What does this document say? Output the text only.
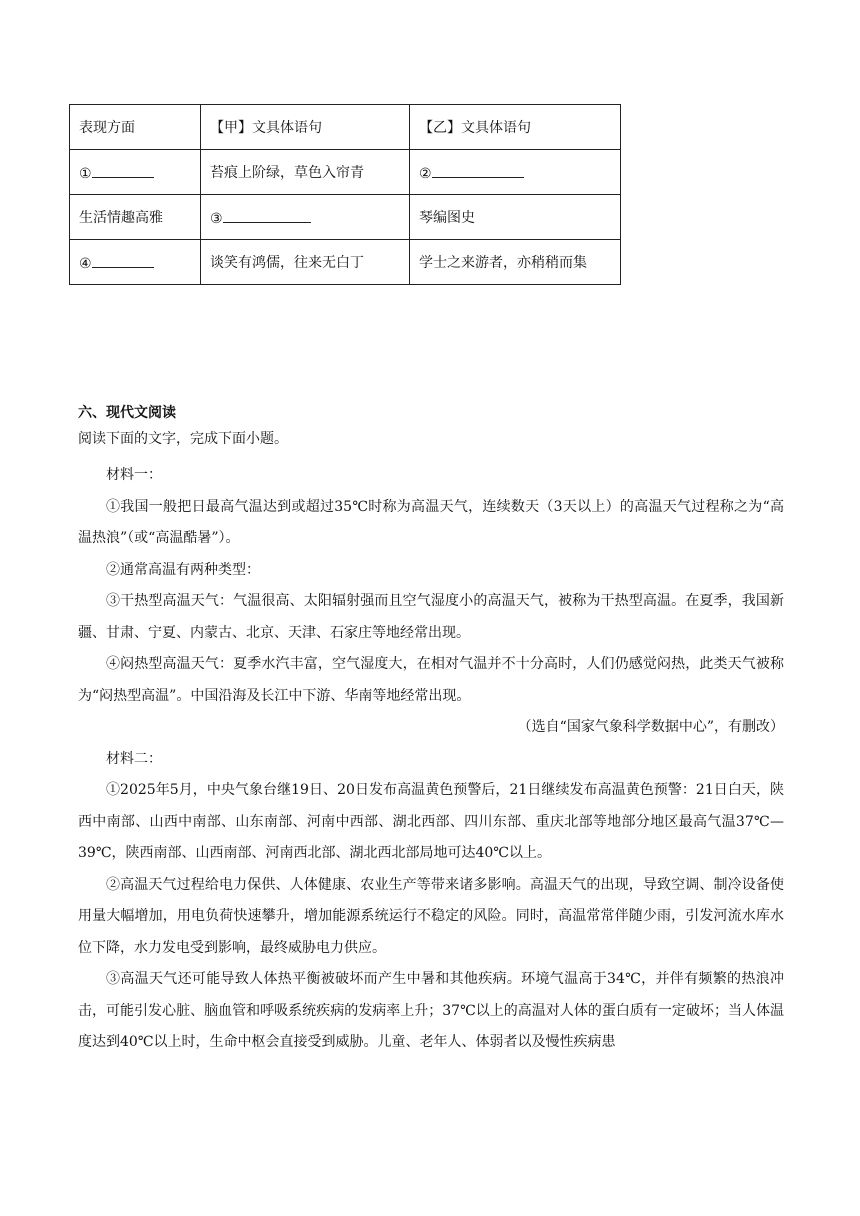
表现方面	【甲】文具体语句	【乙】文具体语句
①	苔痕上阶绿，草色入帘青	②
生活情趣高雅	③	琴编图史
④	谈笑有鸿儒，往来无白丁	学士之来游者，亦稍稍而集
六、现代文阅读

阅读下面的文字，完成下面小题。

材料一：

①我国一般把日最高气温达到或超过35℃时称为高温天气，连续数天（3天以上）的高温天气过程称之为“高温热浪”（或“高温酷暑”）。

②通常高温有两种类型：

③干热型高温天气：气温很高、太阳辐射强而且空气湿度小的高温天气，被称为干热型高温。在夏季，我国新疆、甘肃、宁夏、内蒙古、北京、天津、石家庄等地经常出现。

④闷热型高温天气：夏季水汽丰富，空气湿度大，在相对气温并不十分高时，人们仍感觉闷热，此类天气被称为“闷热型高温”。中国沿海及长江中下游、华南等地经常出现。

（选自“国家气象科学数据中心”，有删改）

材料二：

①2025年5月，中央气象台继19日、20日发布高温黄色预警后，21日继续发布高温黄色预警：21日白天，陕西中南部、山西中南部、山东南部、河南中西部、湖北西部、四川东部、重庆北部等地部分地区最高气温37℃—39℃，陕西南部、山西南部、河南西北部、湖北西北部局地可达40℃以上。

②高温天气过程给电力保供、人体健康、农业生产等带来诸多影响。高温天气的出现，导致空调、制冷设备使用量大幅增加，用电负荷快速攀升，增加能源系统运行不稳定的风险。同时，高温常常伴随少雨，引发河流水库水位下降，水力发电受到影响，最终威胁电力供应。

③高温天气还可能导致人体热平衡被破坏而产生中暑和其他疾病。环境气温高于34℃，并伴有频繁的热浪冲击，可能引发心脏、脑血管和呼吸系统疾病的发病率上升；37℃以上的高温对人体的蛋白质有一定破坏；当人体温度达到40℃以上时，生命中枢会直接受到威胁。儿童、老年人、体弱者以及慢性疾病患
